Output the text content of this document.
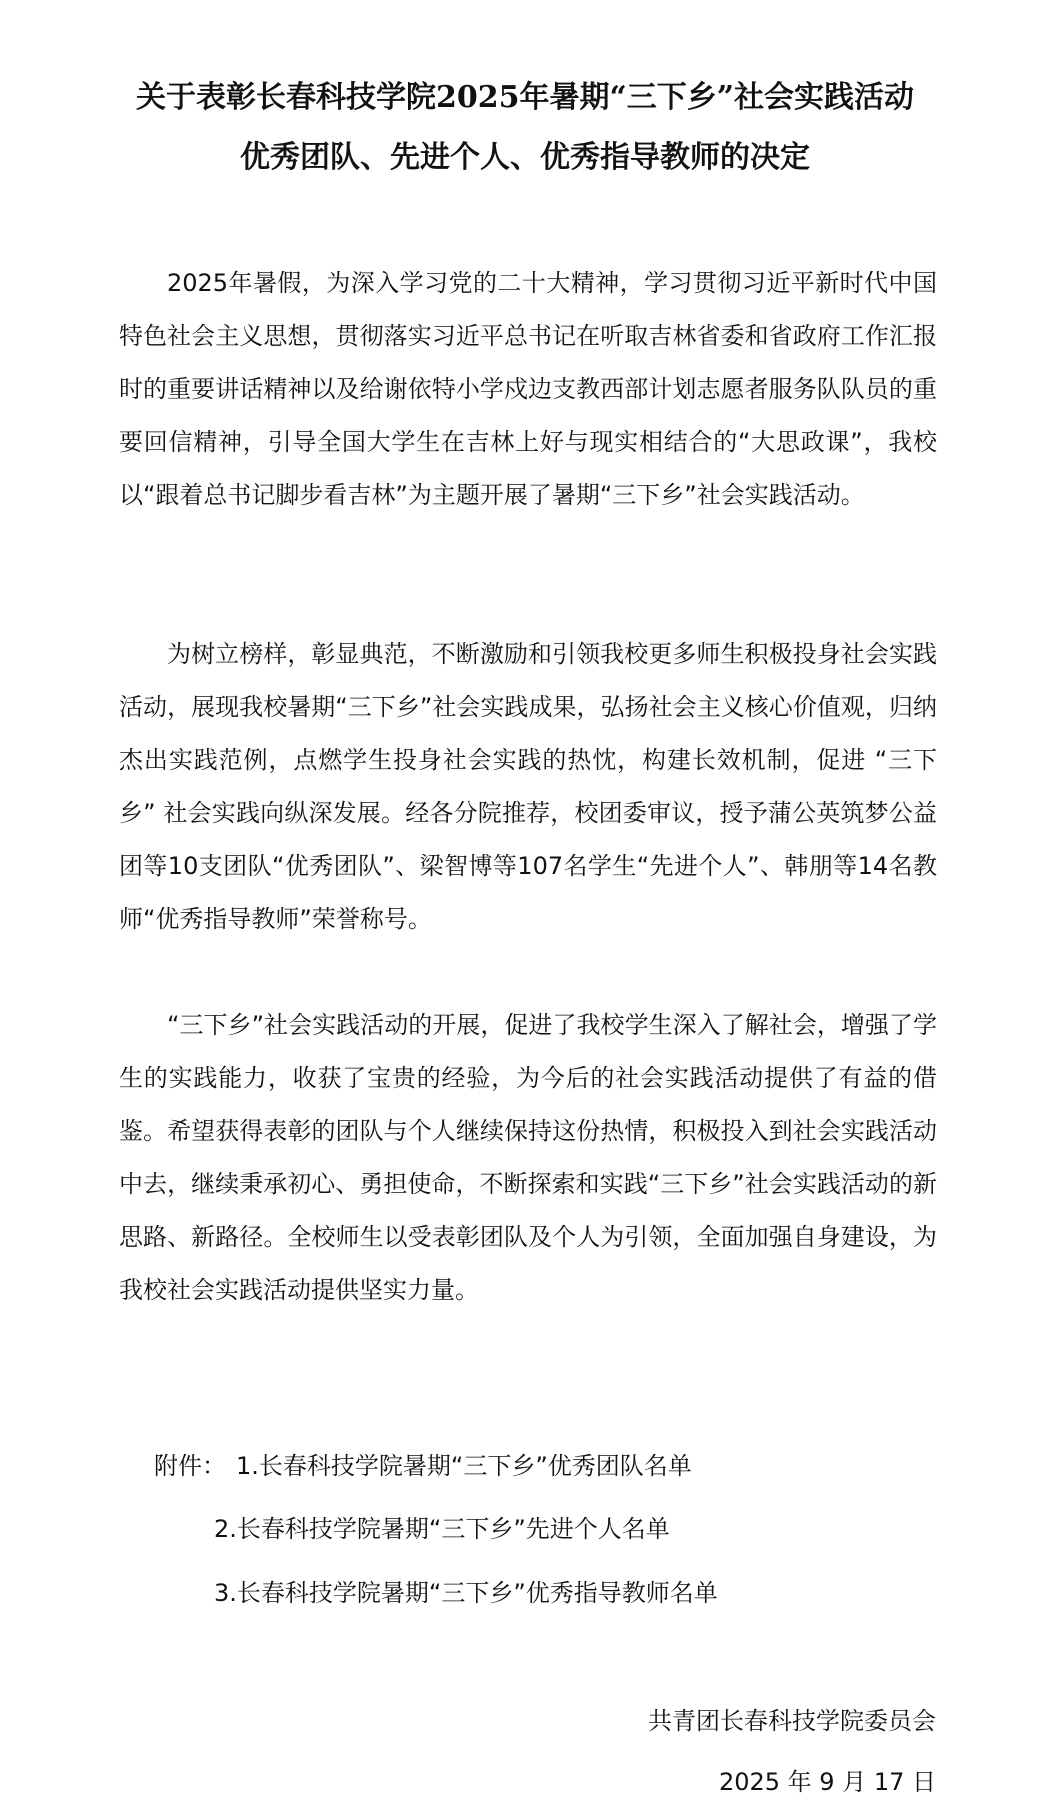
关于表彰长春科技学院2025年暑期“三下乡”社会实践活动
优秀团队、先进个人、优秀指导教师的决定

2025年暑假，为深入学习党的二十大精神，学习贯彻习近平新时代中国特色社会主义思想，贯彻落实习近平总书记在听取吉林省委和省政府工作汇报时的重要讲话精神以及给谢依特小学戍边支教西部计划志愿者服务队队员的重要回信精神，引导全国大学生在吉林上好与现实相结合的“大思政课”，我校以“跟着总书记脚步看吉林”为主题开展了暑期“三下乡”社会实践活动。

为树立榜样，彰显典范，不断激励和引领我校更多师生积极投身社会实践活动，展现我校暑期“三下乡”社会实践成果，弘扬社会主义核心价值观，归纳杰出实践范例，点燃学生投身社会实践的热忱，构建长效机制，促进 “三下乡” 社会实践向纵深发展。经各分院推荐，校团委审议，授予蒲公英筑梦公益团等10支团队“优秀团队”、梁智博等107名学生“先进个人”、韩朋等14名教师“优秀指导教师”荣誉称号。

“三下乡”社会实践活动的开展，促进了我校学生深入了解社会，增强了学生的实践能力，收获了宝贵的经验，为今后的社会实践活动提供了有益的借鉴。希望获得表彰的团队与个人继续保持这份热情，积极投入到社会实践活动中去，继续秉承初心、勇担使命，不断探索和实践“三下乡”社会实践活动的新思路、新路径。全校师生以受表彰团队及个人为引领，全面加强自身建设，为我校社会实践活动提供坚实力量。

附件： 1.长春科技学院暑期“三下乡”优秀团队名单
2.长春科技学院暑期“三下乡”先进个人名单
3.长春科技学院暑期“三下乡”优秀指导教师名单
共青团长春科技学院委员会
2025 年 9 月 17 日
